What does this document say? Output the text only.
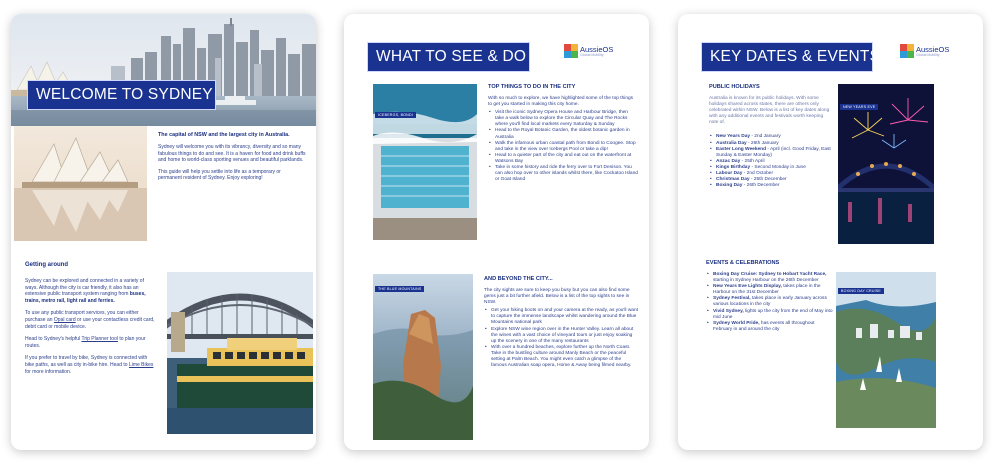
WELCOME TO SYDNEY
The capital of NSW and the largest city in Australia.
Sydney will welcome you with its vibrancy, diversity and so many fabulous things to do and see. It is a haven for food and drink buffs and home to world-class sporting venues and beautiful parklands.
This guide will help you settle into life as a temporary or permanent resident of Sydney. Enjoy exploring!
Getting around

Sydney can be explored and connected in a variety of ways. Although the city is car friendly, it also has an extensive public transport system ranging from buses, trains, metro rail, light rail and ferries.

To use any public transport services, you can either purchase an Opal card or use your contactless credit card, debit card or mobile device.

Head to Sydney's helpful Trip Planner tool to plan your routes.

If you prefer to travel by bike, Sydney is connected with bike paths, as well as city in-bike hire. Head to Lime Bikes for more information.

WHAT TO SEE & DO	AussieOS
Global Mobility
ICEBERGS, BONDI
TOP THINGS TO DO IN THE CITY
With so much to explore, we have highlighted some of the top things to get you started in making this city home.
• Visit the iconic Sydney Opera House and Harbour Bridge, then take a walk below to explore the Circular Quay and The Rocks where you'll find local markets every Saturday & Sunday
• Head to the Royal Botanic Garden, the oldest botanic garden in Australia
• Walk the infamous urban coastal path from Bondi to Coogee. Stop and take in the view over Icebergs Pool or take a dip!
• Head to a quieter part of the city and eat out on the waterfront at Watsons Bay
• Take in some history and ride the ferry over to Fort Denison. You can also hop over to other islands whilst there, like Cockatoo Island or Goat Island
THE BLUE MOUNTAINS
AND BEYOND THE CITY...
The city sights are sure to keep you busy but you can also find some gems just a bit further afield. Below is a list of the top sights to see in NSW.
• Get your hiking boots on and your camera at the ready, as you'll want to capture the immense landscape whilst wandering around the Blue Mountains national park
• Explore NSW wine region over in the Hunter Valley. Learn all about the wines with a vast choice of vineyard tours or just enjoy soaking up the scenery in one of the many restaurants
• With over a hundred beaches, explore further up the North Coast. Take in the bustling culture around Manly Beach or the peaceful setting at Palm Beach. You might even catch a glimpse of the famous Australian soap opera, Home & Away being filmed nearby.
KEY DATES & EVENTS	AussieOS
Global Mobility
PUBLIC HOLIDAYS
Australia is known for its public holidays. With some holidays shared across states, there are others only celebrated within NSW. Below is a list of key dates along with any additional events and festivals worth keeping note of.
• New Years Day - 2nd January
• Australia Day - 26th January
• Easter Long Weekend - April (incl. Good Friday, East Sunday & Easter Monday)
• Anzac Day - 25th April
• Kings Birthday - Second Monday in June
• Labour Day - 2nd October
• Christmas Day - 25th December
• Boxing Day - 26th December
NEW YEARS EVE
EVENTS & CELEBRATIONS
• Boxing Day Cruise: Sydney to Hobart Yacht Race, starting in Sydney Harbour on the 26th December
• New Years Eve Lights Display, takes place in the Harbour on the 31st December
• Sydney Festival, takes place in early January across various locations in the city
• Vivid Sydney, lights up the city from the end of May into mid June
• Sydney World Pride, has events all throughout February in and around the city
BOXING DAY CRUISE
